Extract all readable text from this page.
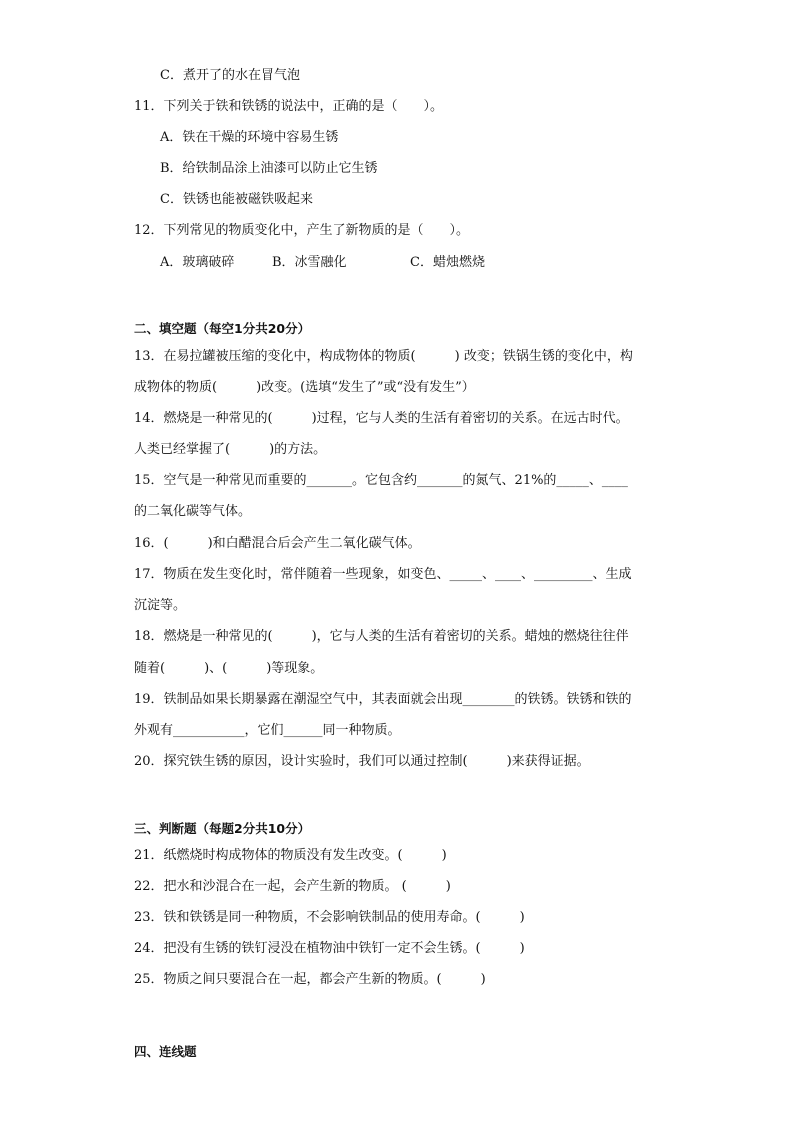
C．煮开了的水在冒气泡
11．下列关于铁和铁锈的说法中，正确的是（　　）。
A．铁在干燥的环境中容易生锈
B．给铁制品涂上油漆可以防止它生锈
C．铁锈也能被磁铁吸起来
12．下列常见的物质变化中，产生了新物质的是（　　）。
A．玻璃破碎	B．冰雪融化	C．蜡烛燃烧
二、填空题（每空1分共20分）
13．在易拉罐被压缩的变化中，构成物体的物质(　　　) 改变；铁锅生锈的变化中，构
成物体的物质(　　　)改变。(选填“发生了”或“没有发生”）
14．燃烧是一种常见的(　　　)过程，它与人类的生活有着密切的关系。在远古时代。
人类已经掌握了(　　　)的方法。
15．空气是一种常见而重要的_______。它包含约_______的氮气、21%的_____、____
的二氧化碳等气体。
16．(　　　)和白醋混合后会产生二氧化碳气体。
17．物质在发生变化时，常伴随着一些现象，如变色、_____、____、_________、生成
沉淀等。
18．燃烧是一种常见的(　　　)，它与人类的生活有着密切的关系。蜡烛的燃烧往往伴
随着(　　　)、(　　　)等现象。
19．铁制品如果长期暴露在潮湿空气中，其表面就会出现________的铁锈。铁锈和铁的
外观有___________，它们______同一种物质。
20．探究铁生锈的原因，设计实验时，我们可以通过控制(　　　)来获得证据。
三、判断题（每题2分共10分）
21．纸燃烧时构成物体的物质没有发生改变。(　　　)
22．把水和沙混合在一起，会产生新的物质。 (　　　)
23．铁和铁锈是同一种物质，不会影响铁制品的使用寿命。(　　　)
24．把没有生锈的铁钉浸没在植物油中铁钉一定不会生锈。(　　　)
25．物质之间只要混合在一起，都会产生新的物质。(　　　)
四、连线题
